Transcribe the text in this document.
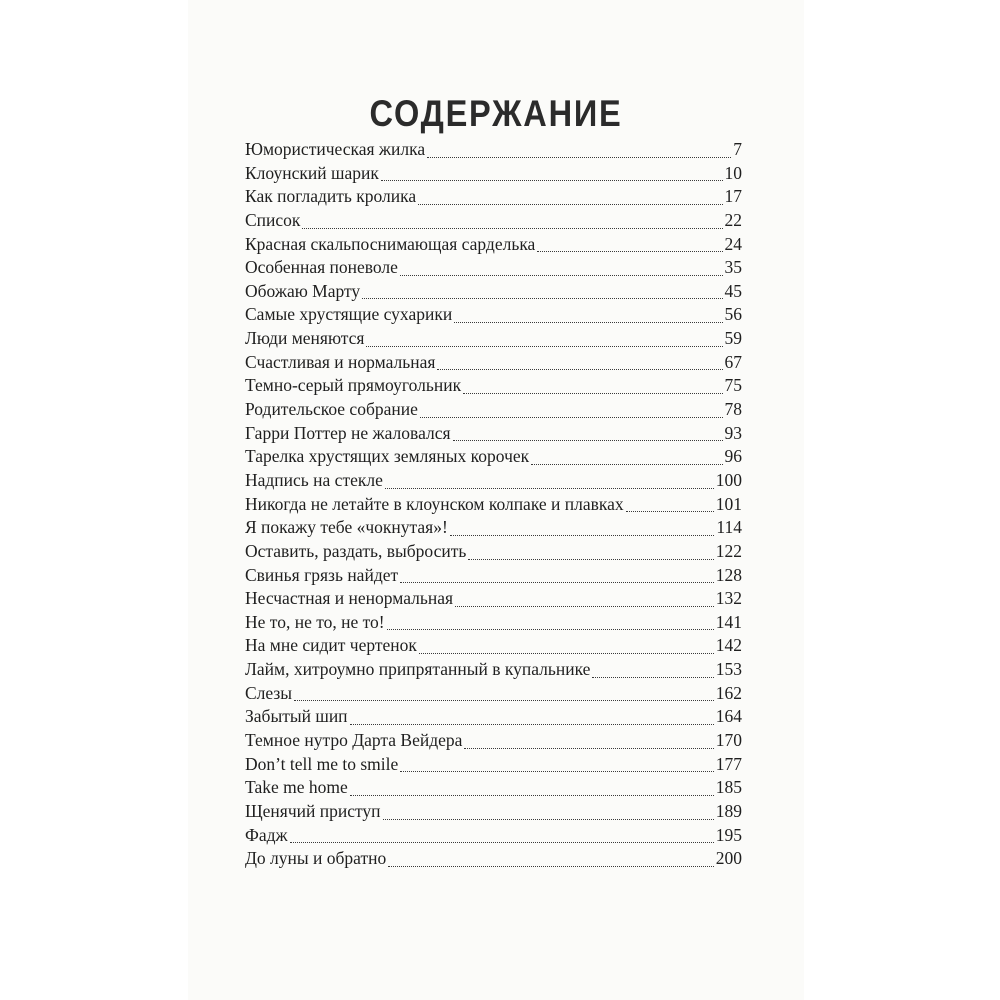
СОДЕРЖАНИЕ
Юмористическая жилка	7
Клоунский шарик	10
Как погладить кролика	17
Список	22
Красная скальпоснимающая сарделька	24
Особенная поневоле	35
Обожаю Марту	45
Самые хрустящие сухарики	56
Люди меняются	59
Счастливая и нормальная	67
Темно-серый прямоугольник	75
Родительское собрание	78
Гарри Поттер не жаловался	93
Тарелка хрустящих земляных корочек	96
Надпись на стекле	100
Никогда не летайте в клоунском колпаке и плавках	101
Я покажу тебе «чокнутая»!	114
Оставить, раздать, выбросить	122
Свинья грязь найдет	128
Несчастная и ненормальная	132
Не то, не то, не то!	141
На мне сидит чертенок	142
Лайм, хитроумно припрятанный в купальнике	153
Слезы	162
Забытый шип	164
Темное нутро Дарта Вейдера	170
Don’t tell me to smile	177
Take me home	185
Щенячий приступ	189
Фадж	195
До луны и обратно	200
